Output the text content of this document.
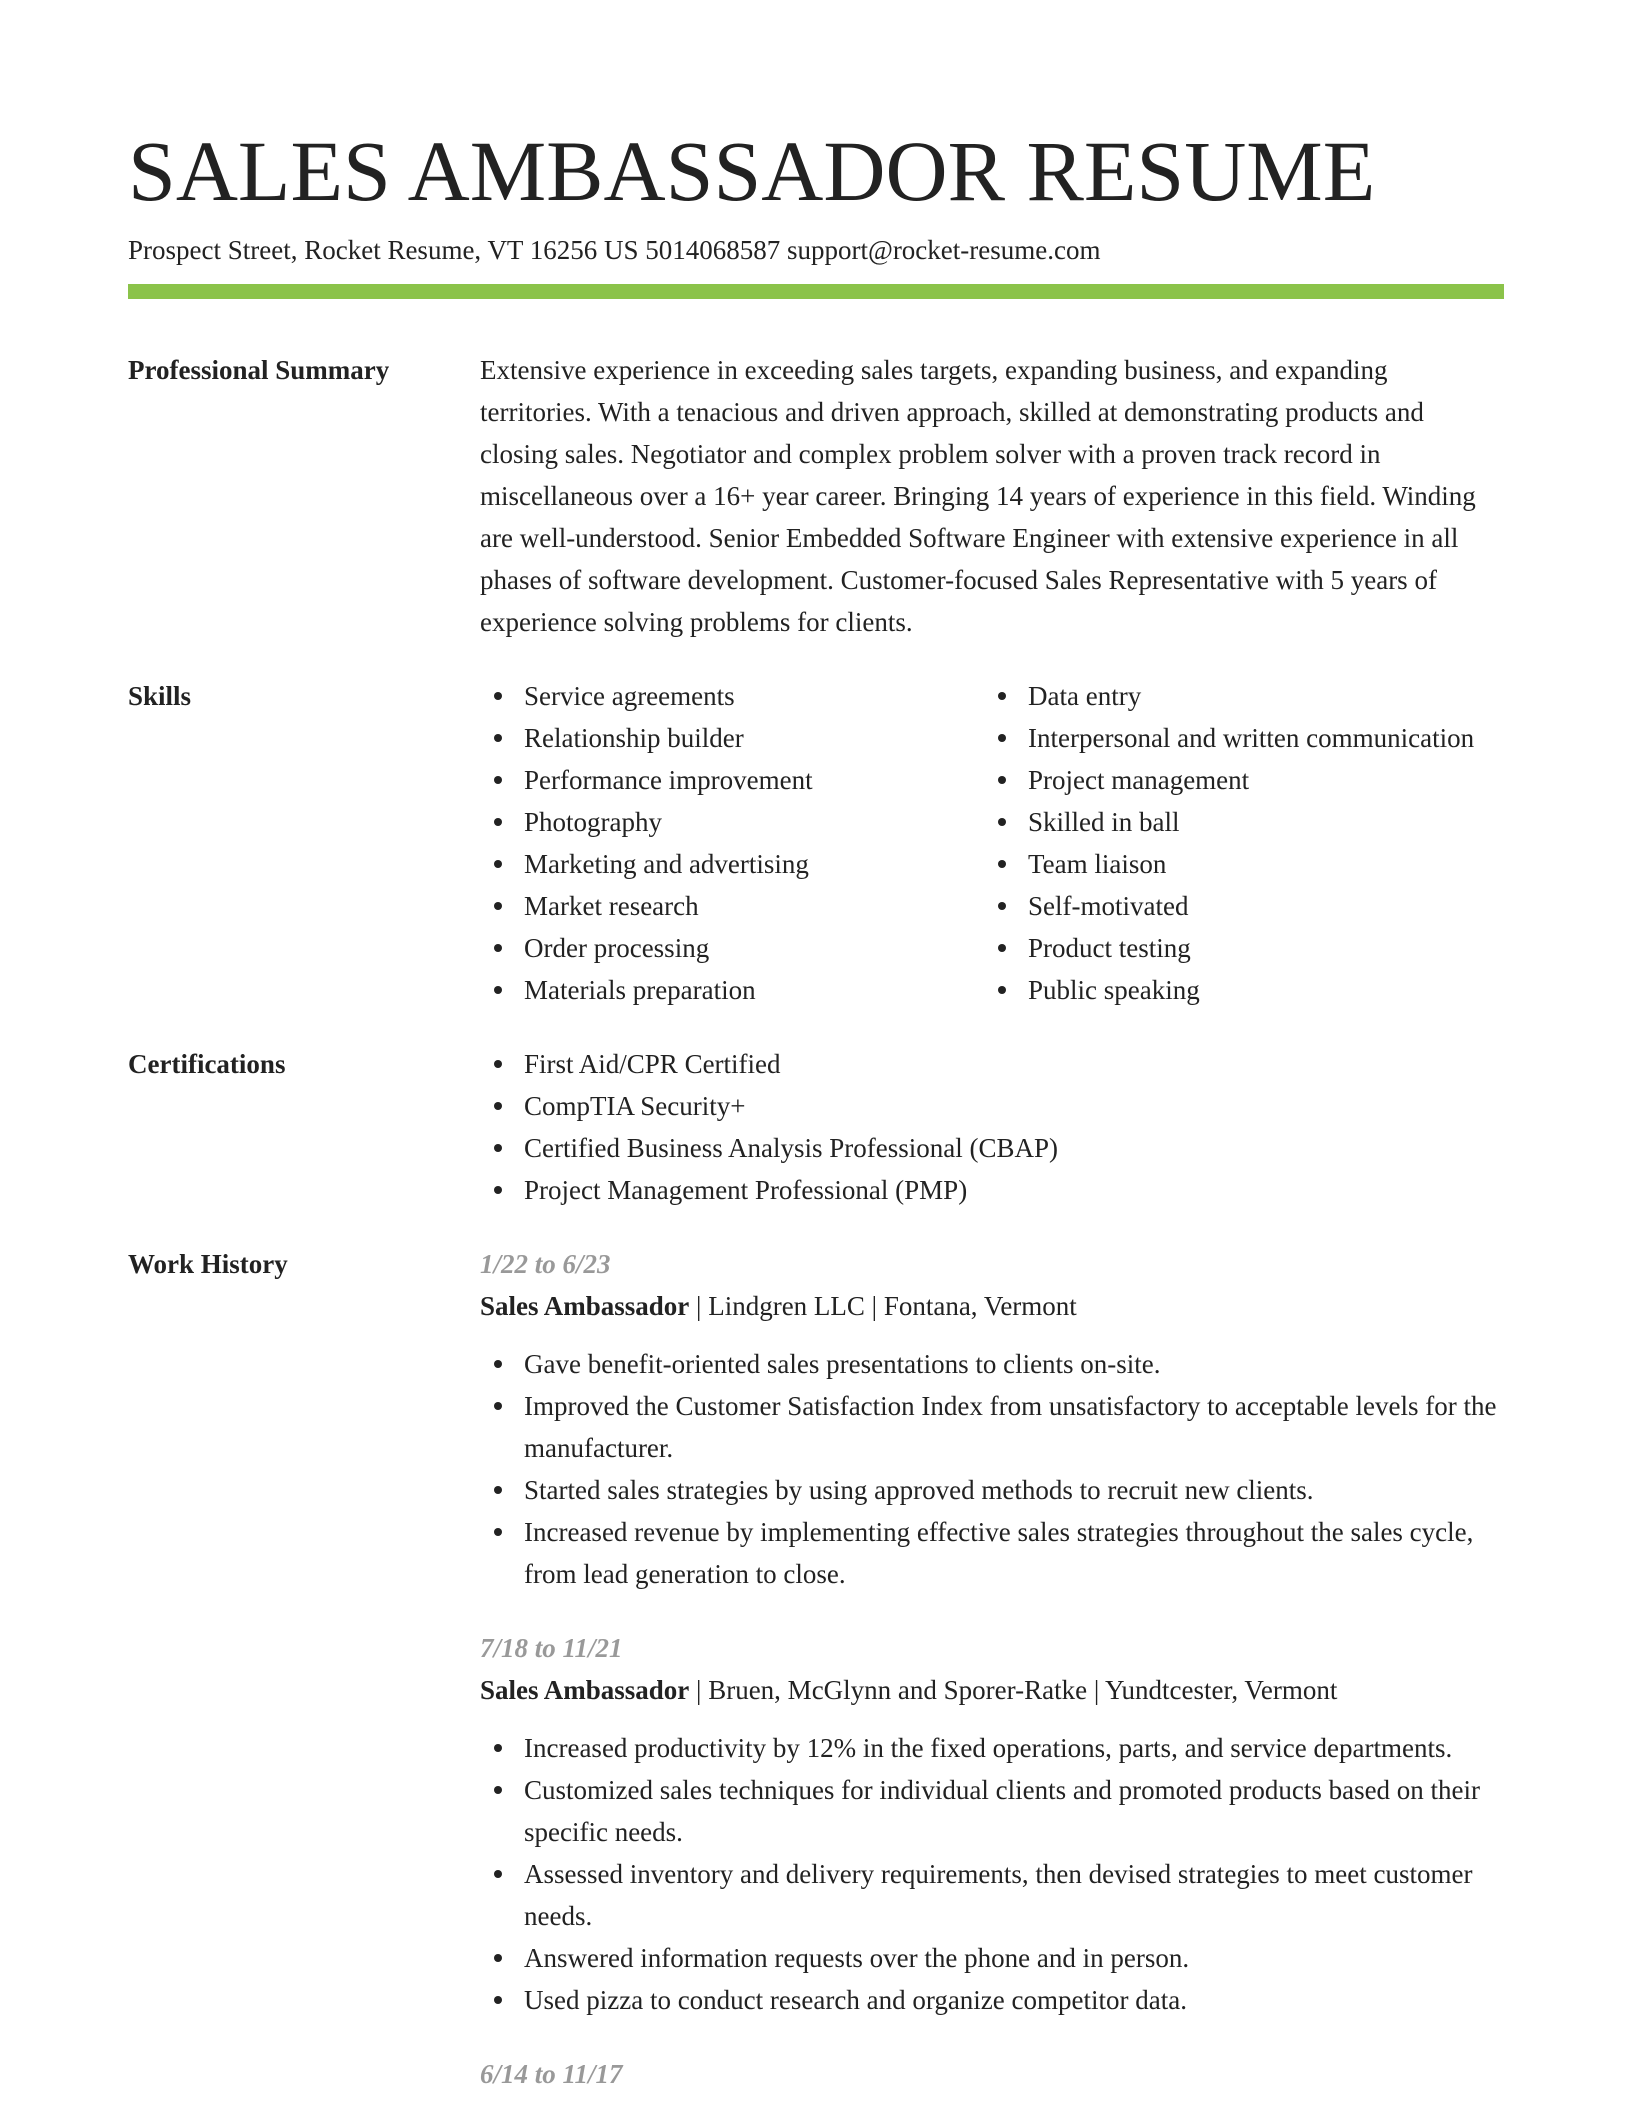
SALES AMBASSADOR RESUME
Prospect Street, Rocket Resume, VT 16256 US 5014068587 support@rocket-resume.com
Professional Summary	Extensive experience in exceeding sales targets, expanding business, and expanding territories. With a tenacious and driven approach, skilled at demonstrating products and closing sales. Negotiator and complex problem solver with a proven track record in miscellaneous over a 16+ year career. Bringing 14 years of experience in this field. Winding are well-understood. Senior Embedded Software Engineer with extensive experience in all phases of software development. Customer-focused Sales Representative with 5 years of experience solving problems for clients.
Skills	Service agreements
Relationship builder
Performance improvement
Photography
Marketing and advertising
Market research
Order processing
Materials preparation
Data entry
Interpersonal and written communication
Project management
Skilled in ball
Team liaison
Self-motivated
Product testing
Public speaking
Certifications	First Aid/CPR Certified
CompTIA Security+
Certified Business Analysis Professional (CBAP)
Project Management Professional (PMP)
Work History	1/22 to 6/23
Sales Ambassador | Lindgren LLC | Fontana, Vermont
Gave benefit-oriented sales presentations to clients on-site.
Improved the Customer Satisfaction Index from unsatisfactory to acceptable levels for the manufacturer.
Started sales strategies by using approved methods to recruit new clients.
Increased revenue by implementing effective sales strategies throughout the sales cycle, from lead generation to close.
7/18 to 11/21
Sales Ambassador | Bruen, McGlynn and Sporer-Ratke | Yundtcester, Vermont
Increased productivity by 12% in the fixed operations, parts, and service departments.
Customized sales techniques for individual clients and promoted products based on their specific needs.
Assessed inventory and delivery requirements, then devised strategies to meet customer needs.
Answered information requests over the phone and in person.
Used pizza to conduct research and organize competitor data.
6/14 to 11/17
